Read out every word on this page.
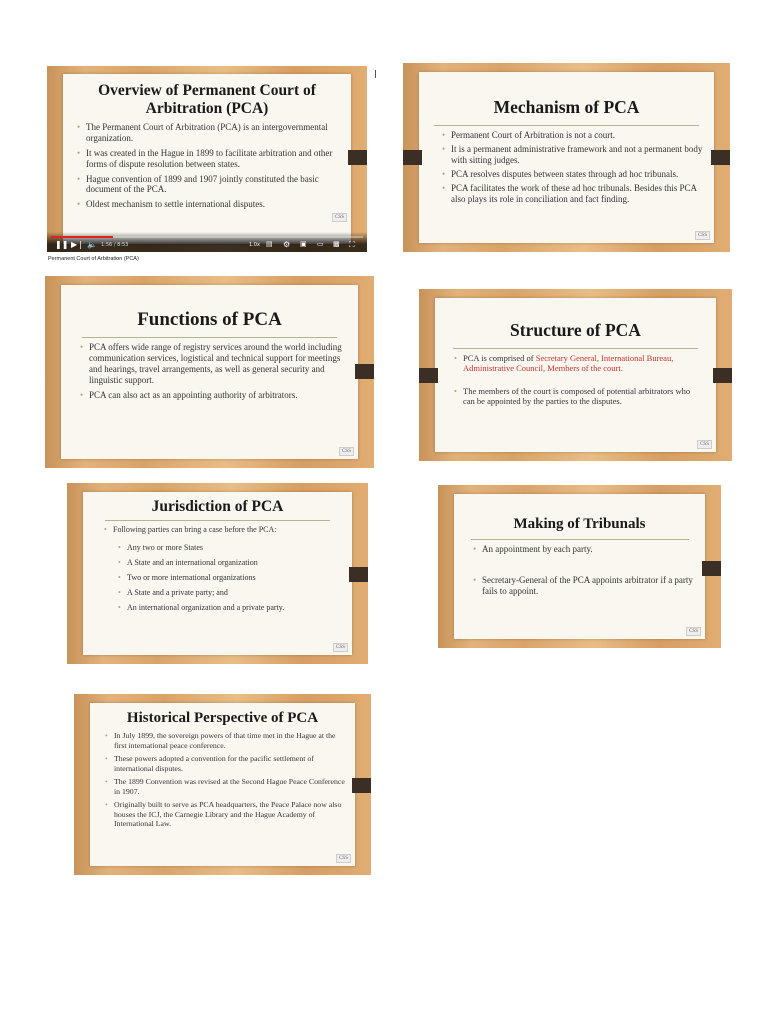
Overview of Permanent Court of Arbitration (PCA)
• The Permanent Court of Arbitration (PCA) is an intergovernmental organization.
• It was created in the Hague in 1899 to facilitate arbitration and other forms of dispute resolution between states.
• Hague convention of 1899 and 1907 jointly constituted the basic document of the PCA.
• Oldest mechanism to settle international disputes.
CSS
❚❚ ▶❘ 🔈 1:56 / 8:53	1.0x ▤ ⚙ ▣ ▭ ▩ ⛶
Permanent Court of Arbitration (PCA)
Mechanism of PCA
• Permanent Court of Arbitration is not a court.
• It is a permanent administrative framework and not a permanent body with sitting judges.
• PCA resolves disputes between states through ad hoc tribunals.
• PCA facilitates the work of these ad hoc tribunals. Besides this PCA also plays its role in conciliation and fact finding.
CSS
Functions of PCA
• PCA offers wide range of registry services around the world including communication services, logistical and technical support for meetings and hearings, travel arrangements, as well as general security and linguistic support.
• PCA can also act as an appointing authority of arbitrators.
CSS
Structure of PCA
• PCA is comprised of Secretary General, International Bureau, Administrative Council, Members of the court.
• The members of the court is composed of potential arbitrators who can be appointed by the parties to the disputes.
CSS
Jurisdiction of PCA
• Following parties can bring a case before the PCA:
• Any two or more States
• A State and an international organization
• Two or more international organizations
• A State and a private party; and
• An international organization and a private party.
CSS
Making of Tribunals
• An appointment by each party.
• Secretary-General of the PCA appoints arbitrator if a party fails to appoint.
CSS
Historical Perspective of PCA
• In July 1899, the sovereign powers of that time met in the Hague at the first international peace conference.
• These powers adopted a convention for the pacific settlement of international disputes.
• The 1899 Convention was revised at the Second Hague Peace Conference in 1907.
• Originally built to serve as PCA headquarters, the Peace Palace now also houses the ICJ, the Carnegie Library and the Hague Academy of International Law.
CSS
